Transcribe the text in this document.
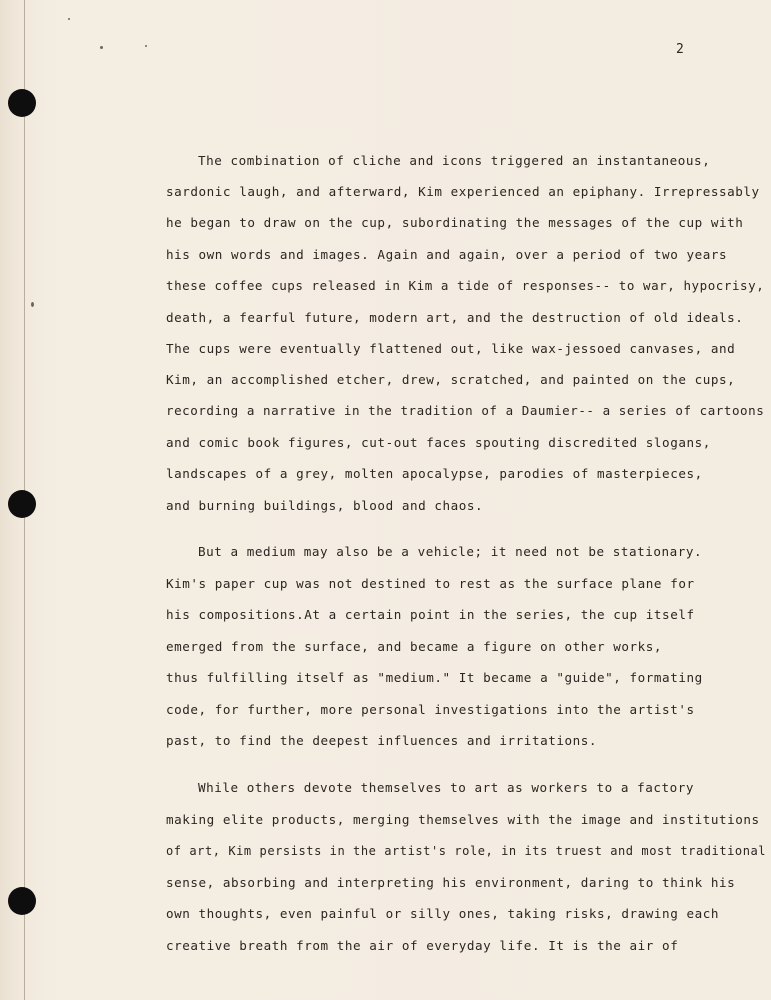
2
The combination of cliche and icons triggered an instantaneous,
sardonic laugh, and afterward, Kim experienced an epiphany. Irrepressably
he began to draw on the cup, subordinating the messages of the cup with
his own words and images. Again and again, over a period of two years
these coffee cups released in Kim a tide of responses-- to war, hypocrisy,
death, a fearful future, modern art, and the destruction of old ideals.
The cups were eventually flattened out, like wax-jessoed canvases, and
Kim, an accomplished etcher, drew, scratched, and painted on the cups,
recording a narrative in the tradition of a Daumier-- a series of cartoons
and comic book figures, cut-out faces spouting discredited slogans,
landscapes of a grey, molten apocalypse, parodies of masterpieces,
and burning buildings, blood and chaos.
But a medium may also be a vehicle; it need not be stationary.
Kim's paper cup was not destined to rest as the surface plane for
his compositions.At a certain point in the series, the cup itself
emerged from the surface, and became a figure on other works,
thus fulfilling itself as "medium." It became a "guide", formating
code, for further, more personal investigations into the artist's
past, to find the deepest influences and irritations.
While others devote themselves to art as workers to a factory
making elite products, merging themselves with the image and institutions
of art, Kim persists in the artist's role, in its truest and most traditional
sense, absorbing and interpreting his environment, daring to think his
own thoughts, even painful or silly ones, taking risks, drawing each
creative breath from the air of everyday life. It is the air of
